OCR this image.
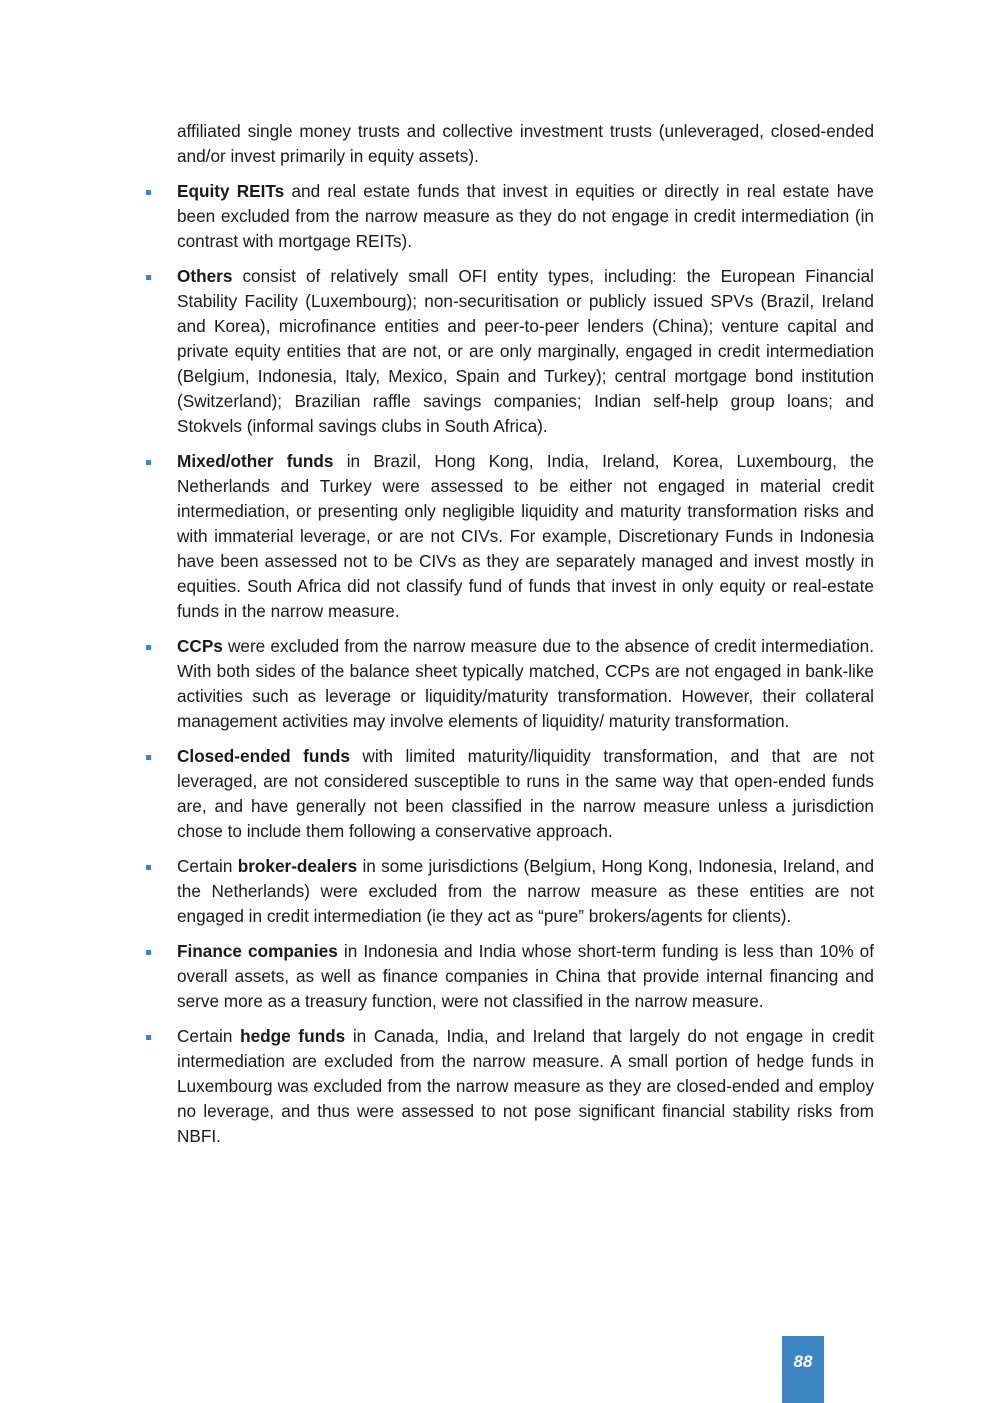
affiliated single money trusts and collective investment trusts (unleveraged, closed-ended and/or invest primarily in equity assets).

Equity REITs and real estate funds that invest in equities or directly in real estate have been excluded from the narrow measure as they do not engage in credit intermediation (in contrast with mortgage REITs).
Others consist of relatively small OFI entity types, including: the European Financial Stability Facility (Luxembourg); non-securitisation or publicly issued SPVs (Brazil, Ireland and Korea), microfinance entities and peer-to-peer lenders (China); venture capital and private equity entities that are not, or are only marginally, engaged in credit intermediation (Belgium, Indonesia, Italy, Mexico, Spain and Turkey); central mortgage bond institution (Switzerland); Brazilian raffle savings companies; Indian self-help group loans; and Stokvels (informal savings clubs in South Africa).
Mixed/other funds in Brazil, Hong Kong, India, Ireland, Korea, Luxembourg, the Netherlands and Turkey were assessed to be either not engaged in material credit intermediation, or presenting only negligible liquidity and maturity transformation risks and with immaterial leverage, or are not CIVs. For example, Discretionary Funds in Indonesia have been assessed not to be CIVs as they are separately managed and invest mostly in equities. South Africa did not classify fund of funds that invest in only equity or real-estate funds in the narrow measure.
CCPs were excluded from the narrow measure due to the absence of credit intermediation. With both sides of the balance sheet typically matched, CCPs are not engaged in bank-like activities such as leverage or liquidity/maturity transformation. However, their collateral management activities may involve elements of liquidity/ maturity transformation.
Closed-ended funds with limited maturity/liquidity transformation, and that are not leveraged, are not considered susceptible to runs in the same way that open-ended funds are, and have generally not been classified in the narrow measure unless a jurisdiction chose to include them following a conservative approach.
Certain broker-dealers in some jurisdictions (Belgium, Hong Kong, Indonesia, Ireland, and the Netherlands) were excluded from the narrow measure as these entities are not engaged in credit intermediation (ie they act as “pure” brokers/agents for clients).
Finance companies in Indonesia and India whose short-term funding is less than 10% of overall assets, as well as finance companies in China that provide internal financing and serve more as a treasury function, were not classified in the narrow measure.
Certain hedge funds in Canada, India, and Ireland that largely do not engage in credit intermediation are excluded from the narrow measure. A small portion of hedge funds in Luxembourg was excluded from the narrow measure as they are closed-ended and employ no leverage, and thus were assessed to not pose significant financial stability risks from NBFI.
88
